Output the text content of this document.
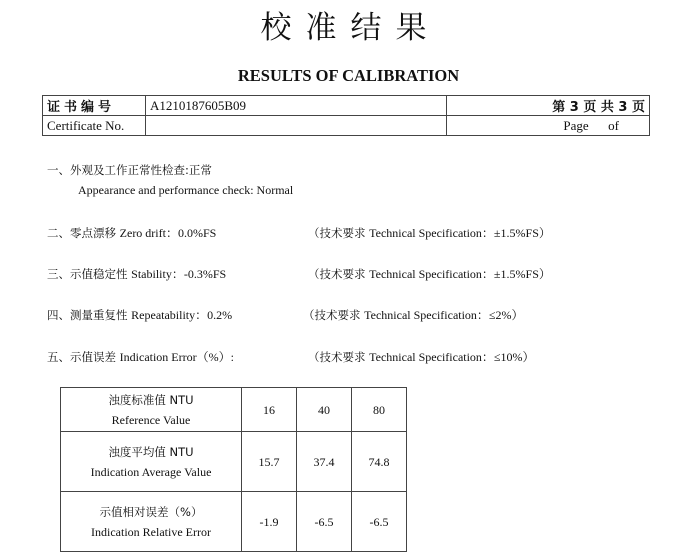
校准结果
RESULTS OF CALIBRATION
证书编号	A1210187605B09	第 3 页 共 3 页
Certificate No.		Page      of
一、外观及工作正常性检查:正常
Appearance and performance check: Normal
二、零点漂移 Zero drift：0.0%FS	（技术要求 Technical Specification：±1.5%FS）
三、示值稳定性 Stability：-0.3%FS	（技术要求 Technical Specification：±1.5%FS）
四、测量重复性 Repeatability：0.2%	（技术要求 Technical Specification：≤2%）
五、示值误差 Indication Error（%）:	（技术要求 Technical Specification：≤10%）
浊度标准值 NTU
Reference Value	16	40	80
浊度平均值 NTU
Indication Average Value	15.7	37.4	74.8
示值相对误差（%）
Indication Relative Error	-1.9	-6.5	-6.5
